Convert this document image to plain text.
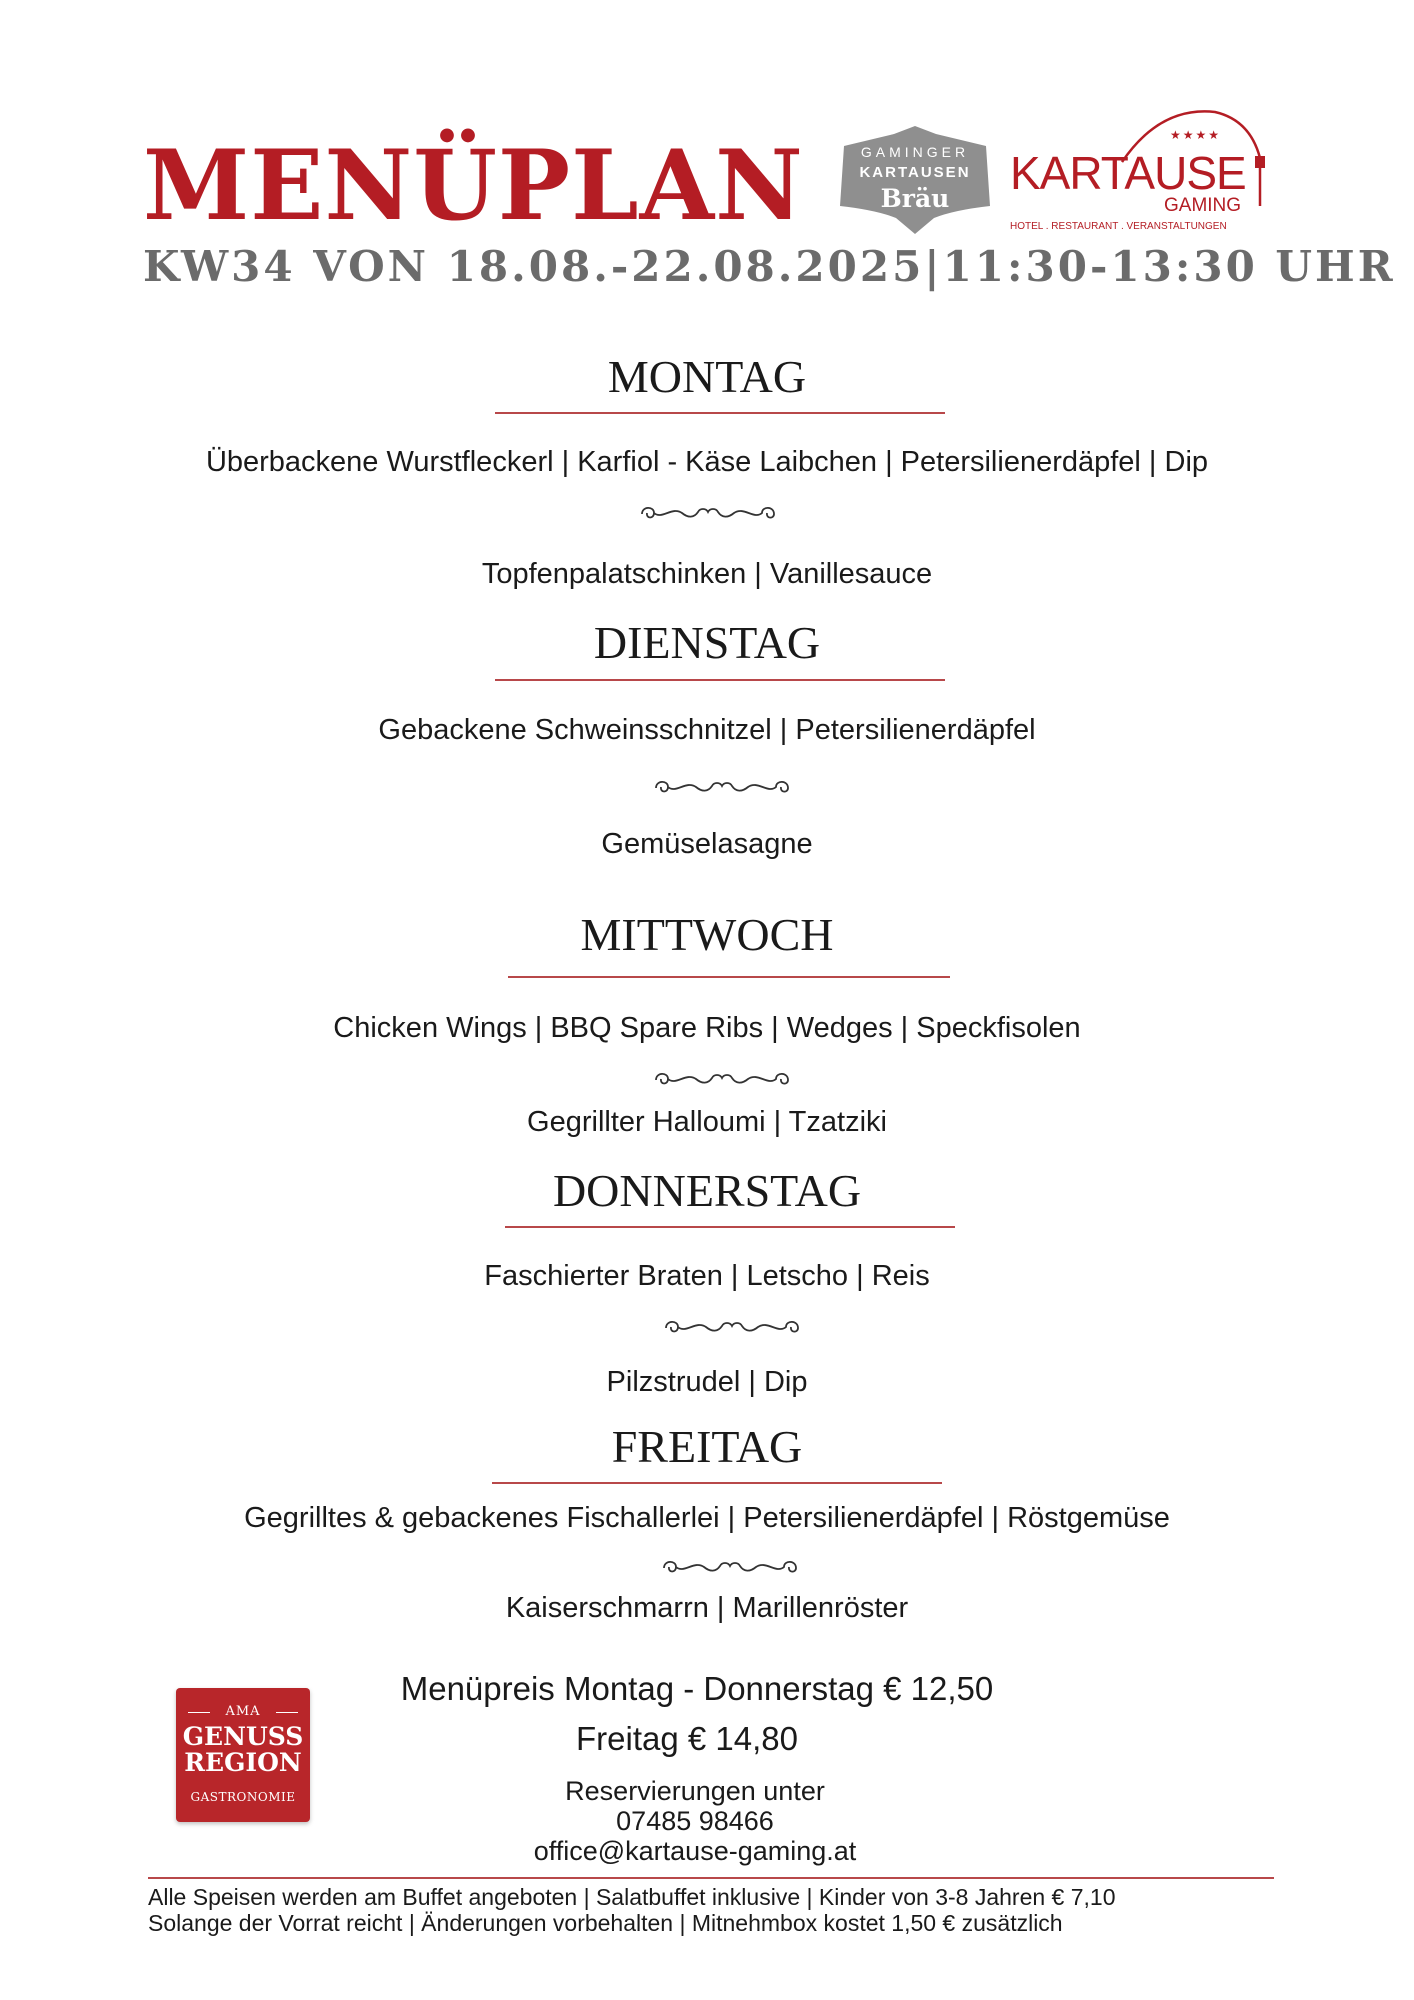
MENÜPLAN
KW34 VON 18.08.-22.08.2025|11:30-13:30 UHR
GAMINGER
KARTAUSEN
Bräu
★★★★
KARTAUSE
GAMING
HOTEL . RESTAURANT . VERANSTALTUNGEN
MONTAG
Überbackene Wurstfleckerl | Karfiol - Käse Laibchen | Petersilienerdäpfel | Dip
Topfenpalatschinken | Vanillesauce
DIENSTAG
Gebackene Schweinsschnitzel | Petersilienerdäpfel
Gemüselasagne
MITTWOCH
Chicken Wings | BBQ Spare Ribs | Wedges | Speckfisolen
Gegrillter Halloumi | Tzatziki
DONNERSTAG
Faschierter Braten | Letscho | Reis
Pilzstrudel | Dip
FREITAG
Gegrilltes & gebackenes Fischallerlei | Petersilienerdäpfel | Röstgemüse
Kaiserschmarrn | Marillenröster
AMA
GENUSS
REGION
GASTRONOMIE
Menüpreis Montag - Donnerstag € 12,50
Freitag € 14,80
Reservierungen unter
07485 98466
office@kartause-gaming.at
Alle Speisen werden am Buffet angeboten | Salatbuffet inklusive | Kinder von 3-8 Jahren € 7,10
Solange der Vorrat reicht | Änderungen vorbehalten | Mitnehmbox kostet 1,50 € zusätzlich
